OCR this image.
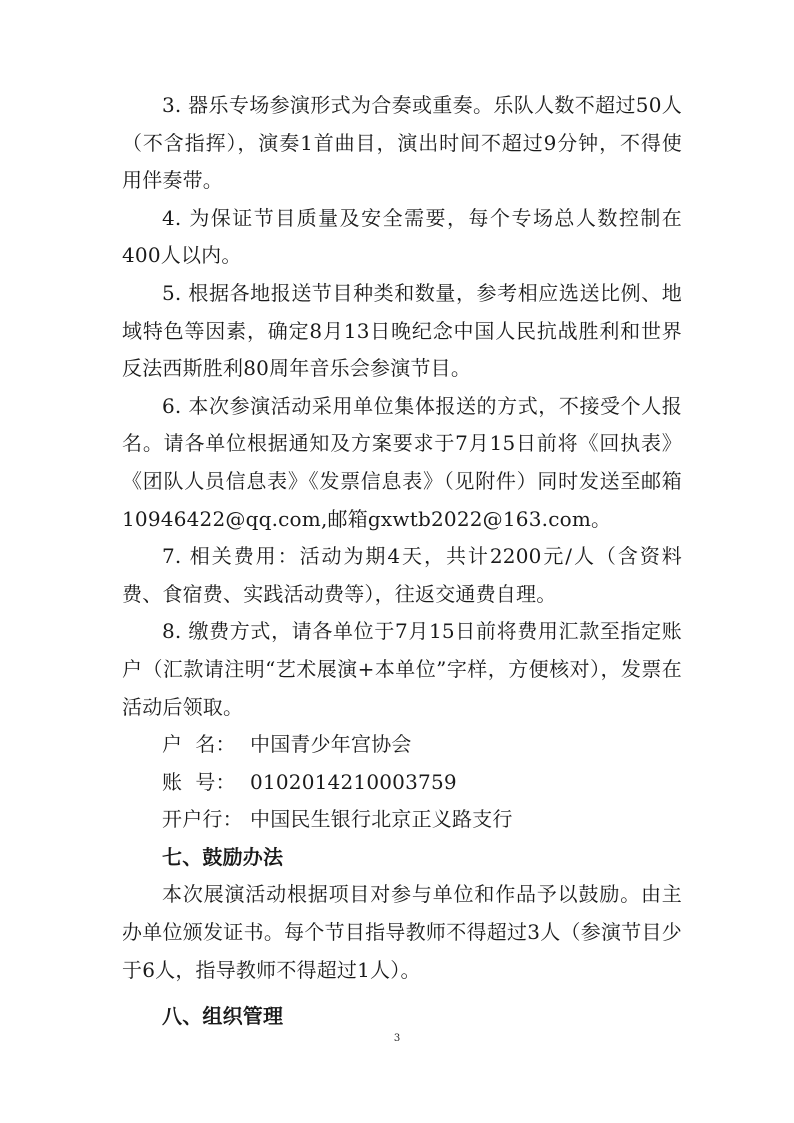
3. 器乐专场参演形式为合奏或重奏。乐队人数不超过50人（不含指挥），演奏1首曲目，演出时间不超过9分钟，不得使用伴奏带。

4. 为保证节目质量及安全需要，每个专场总人数控制在400人以内。

5. 根据各地报送节目种类和数量，参考相应选送比例、地域特色等因素，确定8月13日晚纪念中国人民抗战胜利和世界反法西斯胜利80周年音乐会参演节目。

6. 本次参演活动采用单位集体报送的方式，不接受个人报名。请各单位根据通知及方案要求于7月15日前将《回执表》《团队人员信息表》《发票信息表》（见附件）同时发送至邮箱10946422@qq.com,邮箱gxwtb2022@163.com。

7. 相关费用：活动为期4天，共计2200元/人（含资料费、食宿费、实践活动费等），往返交通费自理。

8. 缴费方式，请各单位于7月15日前将费用汇款至指定账户（汇款请注明“艺术展演+本单位”字样，方便核对），发票在活动后领取。

户  名： 中国青少年宫协会

账  号： 0102014210003759

开户行： 中国民生银行北京正义路支行

七、鼓励办法

本次展演活动根据项目对参与单位和作品予以鼓励。由主办单位颁发证书。每个节目指导教师不得超过3人（参演节目少于6人，指导教师不得超过1人）。

八、组织管理

3
